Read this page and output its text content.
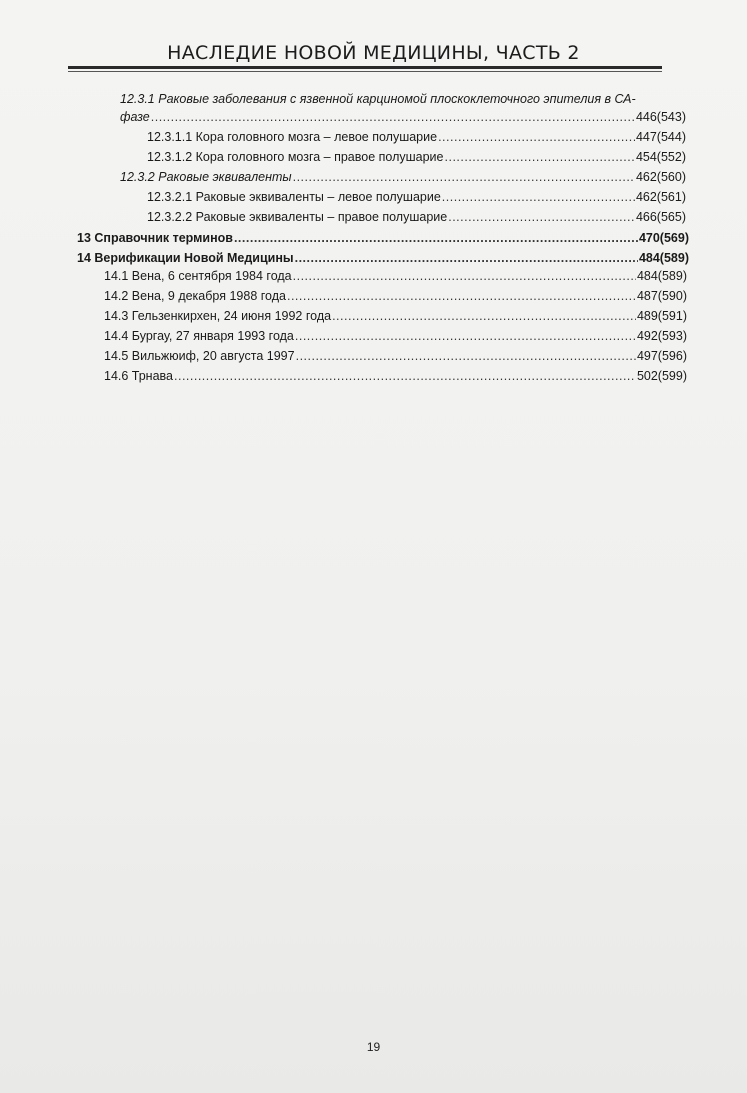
НАСЛЕДИЕ НОВОЙ МЕДИЦИНЫ, ЧАСТЬ 2
12.3.1 Раковые заболевания с язвенной карциномой плоскоклеточного эпителия в СА-
фазе .....	446(543)
12.3.1.1 Кора головного мозга – левое полушарие .....	447(544)
12.3.1.2 Кора головного мозга – правое полушарие .....	454(552)
12.3.2 Раковые эквиваленты .....	462(560)
12.3.2.1 Раковые эквиваленты – левое полушарие .....	462(561)
12.3.2.2 Раковые эквиваленты – правое полушарие .....	466(565)
13 Справочник терминов .....	470(569)
14 Верификации Новой Медицины .....	484(589)
14.1 Вена, 6 сентября 1984 года .....	484(589)
14.2 Вена, 9 декабря 1988 года .....	487(590)
14.3 Гельзенкирхен, 24 июня 1992 года .....	489(591)
14.4 Бургау, 27 января 1993 года .....	492(593)
14.5 Вильжюиф, 20 августа 1997 .....	497(596)
14.6 Трнава .....	502(599)
19
